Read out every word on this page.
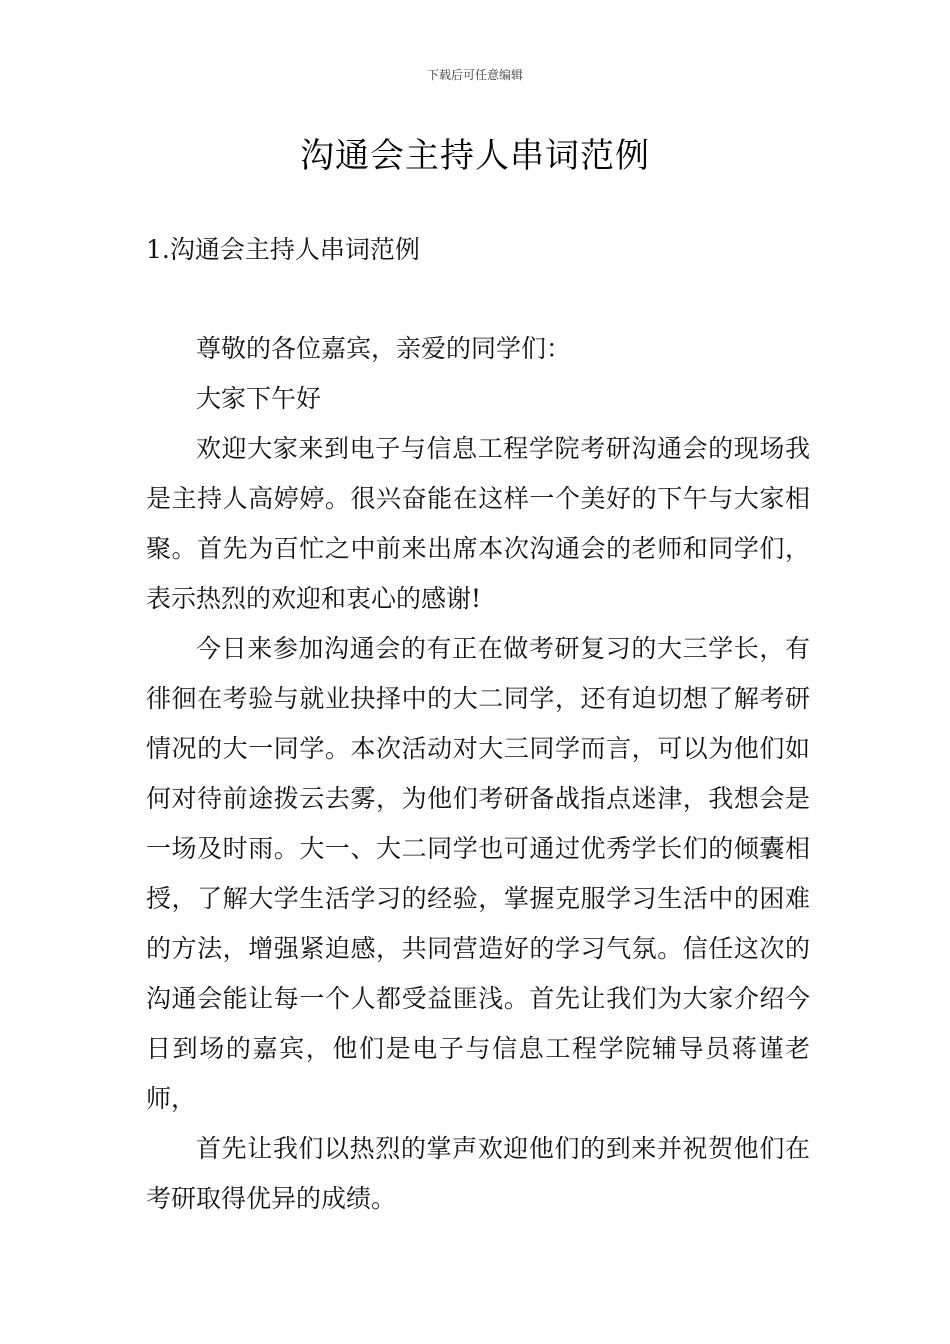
下载后可任意编辑
沟通会主持人串词范例
1.沟通会主持人串词范例

尊敬的各位嘉宾，亲爱的同学们：

大家下午好

欢迎大家来到电子与信息工程学院考研沟通会的现场我是主持人高婷婷。很兴奋能在这样一个美好的下午与大家相聚。首先为百忙之中前来出席本次沟通会的老师和同学们，表示热烈的欢迎和衷心的感谢!

今日来参加沟通会的有正在做考研复习的大三学长，有徘徊在考验与就业抉择中的大二同学，还有迫切想了解考研情况的大一同学。本次活动对大三同学而言，可以为他们如何对待前途拨云去雾，为他们考研备战指点迷津，我想会是一场及时雨。大一、大二同学也可通过优秀学长们的倾囊相授，了解大学生活学习的经验，掌握克服学习生活中的困难的方法，增强紧迫感，共同营造好的学习气氛。信任这次的沟通会能让每一个人都受益匪浅。首先让我们为大家介绍今日到场的嘉宾，他们是电子与信息工程学院辅导员蒋谨老师，

首先让我们以热烈的掌声欢迎他们的到来并祝贺他们在考研取得优异的成绩。
